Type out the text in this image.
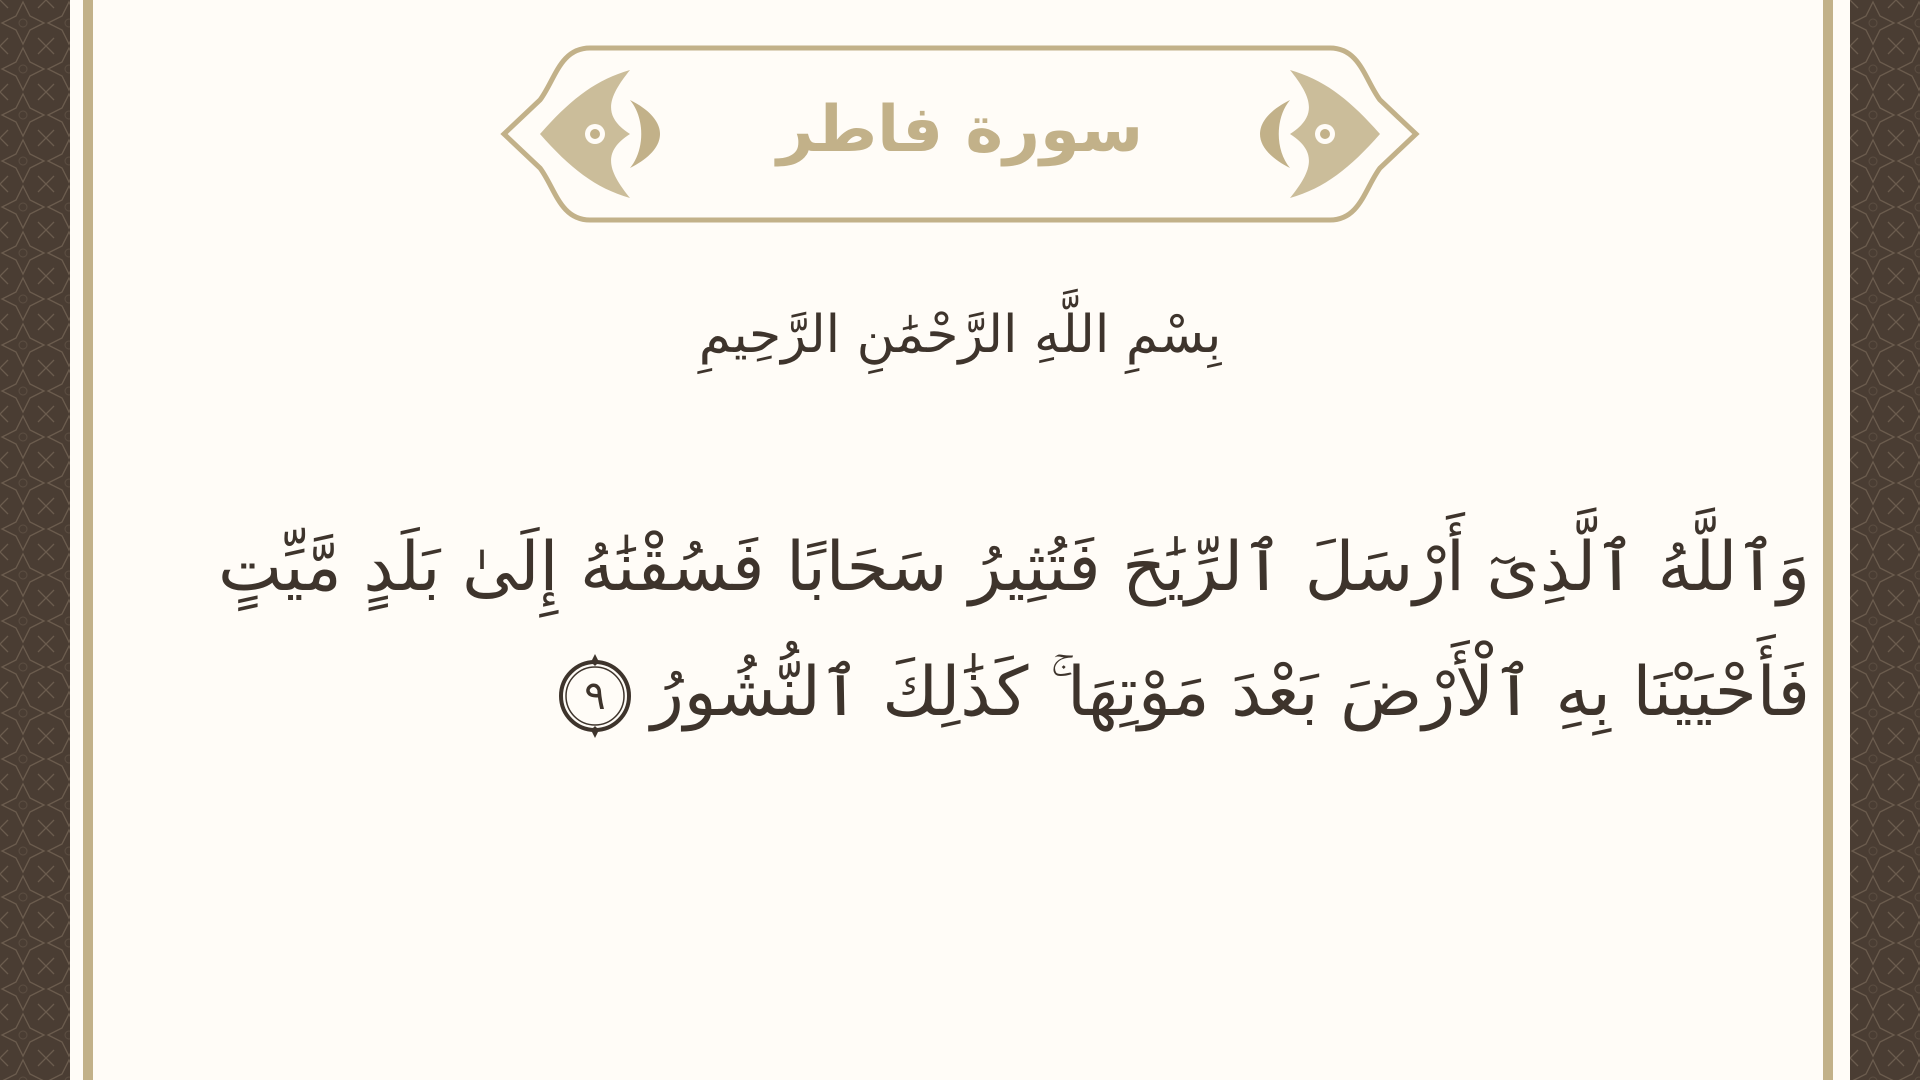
سورة فاطر
بِسْمِ اللَّهِ الرَّحْمَٰنِ الرَّحِيمِ
وَٱللَّهُ ٱلَّذِىٓ أَرْسَلَ ٱلرِّيَٰحَ فَتُثِيرُ سَحَابًا فَسُقْنَٰهُ إِلَىٰ بَلَدٍ مَّيِّتٍ
فَأَحْيَيْنَا بِهِ ٱلْأَرْضَ بَعْدَ مَوْتِهَا ۚ كَذَٰلِكَ ٱلنُّشُورُ
٩
